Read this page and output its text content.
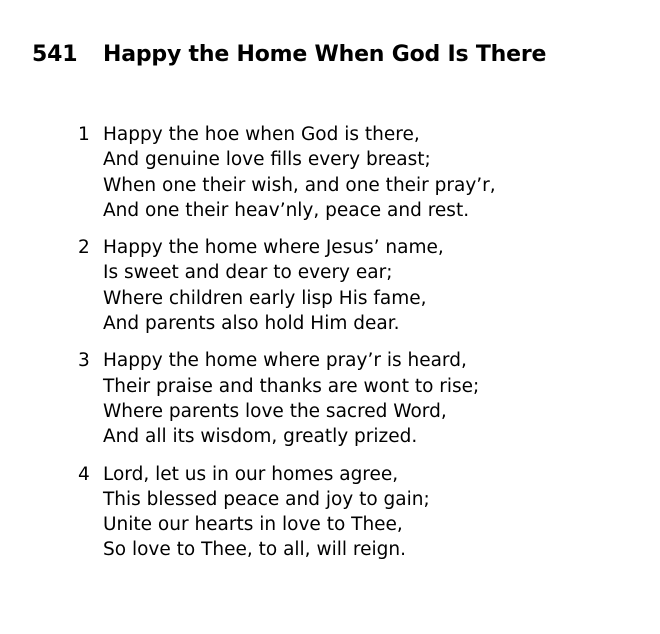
541	Happy the Home When God Is There
1 Happy the hoe when God is there,
And genuine love fills every breast;
When one their wish, and one their pray’r,
And one their heav’nly, peace and rest.
2 Happy the home where Jesus’ name,
Is sweet and dear to every ear;
Where children early lisp His fame,
And parents also hold Him dear.
3 Happy the home where pray’r is heard,
Their praise and thanks are wont to rise;
Where parents love the sacred Word,
And all its wisdom, greatly prized.
4 Lord, let us in our homes agree,
This blessed peace and joy to gain;
Unite our hearts in love to Thee,
So love to Thee, to all, will reign.
